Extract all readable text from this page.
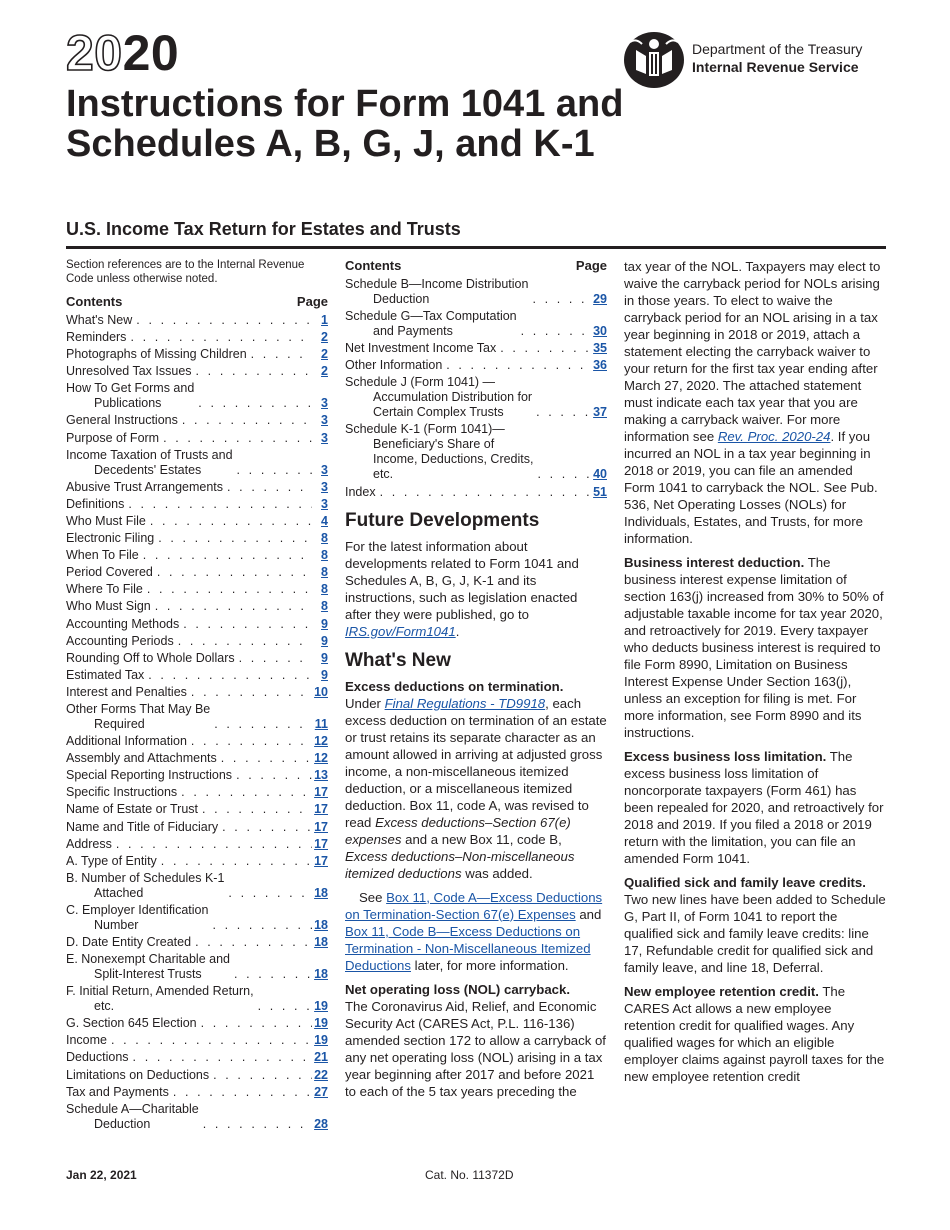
2020	Department of the Treasury
Internal Revenue Service
Instructions for Form 1041 and Schedules A, B, G, J, and K-1
U.S. Income Tax Return for Estates and Trusts
Section references are to the Internal Revenue Code unless otherwise noted.
Contents	Page
What's New . . .	1
Reminders . . .	2
Photographs of Missing Children . . .	2
Unresolved Tax Issues . . .	2
How To Get Forms and
Publications . . .	3
General Instructions . . .	3
Purpose of Form . . .	3
Income Taxation of Trusts and
Decedents' Estates . . .	3
Abusive Trust Arrangements . . .	3
Definitions . . .	3
Who Must File . . .	4
Electronic Filing . . .	8
When To File . . .	8
Period Covered . . .	8
Where To File . . .	8
Who Must Sign . . .	8
Accounting Methods . . .	9
Accounting Periods . . .	9
Rounding Off to Whole Dollars . . .	9
Estimated Tax . . .	9
Interest and Penalties . . .	10
Other Forms That May Be
Required . . .	11
Additional Information . . .	12
Assembly and Attachments . . .	12
Special Reporting Instructions . . .	13
Specific Instructions . . .	17
Name of Estate or Trust . . .	17
Name and Title of Fiduciary . . .	17
Address . . .	17
A. Type of Entity . . .	17
B. Number of Schedules K-1
Attached . . .	18
C. Employer Identification
Number . . .	18
D. Date Entity Created . . .	18
E. Nonexempt Charitable and
Split-Interest Trusts . . .	18
F. Initial Return, Amended Return,
etc. . . .	19
G. Section 645 Election . . .	19
Income . . .	19
Deductions . . .	21
Limitations on Deductions . . .	22
Tax and Payments . . .	27
Schedule A—Charitable
Deduction . . .	28
Contents	Page
Schedule B—Income Distribution
Deduction . . .	29
Schedule G—Tax Computation
and Payments . . .	30
Net Investment Income Tax . . .	35
Other Information . . .	36
Schedule J (Form 1041) —
Accumulation Distribution for
Certain Complex Trusts . . .	37
Schedule K-1 (Form 1041)—
Beneficiary's Share of
Income, Deductions, Credits,
etc. . . .	40
Index . . .	51
Future Developments

For the latest information about developments related to Form 1041 and Schedules A, B, G, J, K-1 and its instructions, such as legislation enacted after they were published, go to IRS.gov/Form1041.

What's New

Excess deductions on termination.
Under Final Regulations - TD9918, each excess deduction on termination of an estate or trust retains its separate character as an amount allowed in arriving at adjusted gross income, a non-miscellaneous itemized deduction, or a miscellaneous itemized deduction. Box 11, code A, was revised to read Excess deductions–Section 67(e) expenses and a new Box 11, code B, Excess deductions–Non-miscellaneous itemized deductions was added.

See Box 11, Code A—Excess Deductions on Termination-Section 67(e) Expenses and Box 11, Code B—Excess Deductions on Termination - Non-Miscellaneous Itemized Deductions later, for more information.

Net operating loss (NOL) carryback.
The Coronavirus Aid, Relief, and Economic Security Act (CARES Act, P.L. 116-136) amended section 172 to allow a carryback of any net operating loss (NOL) arising in a tax year beginning after 2017 and before 2021 to each of the 5 tax years preceding the

tax year of the NOL. Taxpayers may elect to waive the carryback period for NOLs arising in those years. To elect to waive the carryback period for an NOL arising in a tax year beginning in 2018 or 2019, attach a statement electing the carryback waiver to your return for the first tax year ending after March 27, 2020. The attached statement must indicate each tax year that you are making a carryback waiver. For more information see Rev. Proc. 2020-24. If you incurred an NOL in a tax year beginning in 2018 or 2019, you can file an amended Form 1041 to carryback the NOL. See Pub. 536, Net Operating Losses (NOLs) for Individuals, Estates, and Trusts, for more information.

Business interest deduction. The business interest expense limitation of section 163(j) increased from 30% to 50% of adjustable taxable income for tax year 2020, and retroactively for 2019. Every taxpayer who deducts business interest is required to file Form 8990, Limitation on Business Interest Expense Under Section 163(j), unless an exception for filing is met. For more information, see Form 8990 and its instructions.

Excess business loss limitation. The excess business loss limitation of noncorporate taxpayers (Form 461) has been repealed for 2020, and retroactively for 2018 and 2019. If you filed a 2018 or 2019 return with the limitation, you can file an amended Form 1041.

Qualified sick and family leave credits. Two new lines have been added to Schedule G, Part II, of Form 1041 to report the qualified sick and family leave credits: line 17, Refundable credit for qualified sick and family leave, and line 18, Deferral.

New employee retention credit. The CARES Act allows a new employee retention credit for qualified wages. Any qualified wages for which an eligible employer claims against payroll taxes for the new employee retention credit

Jan 22, 2021	Cat. No. 11372D
